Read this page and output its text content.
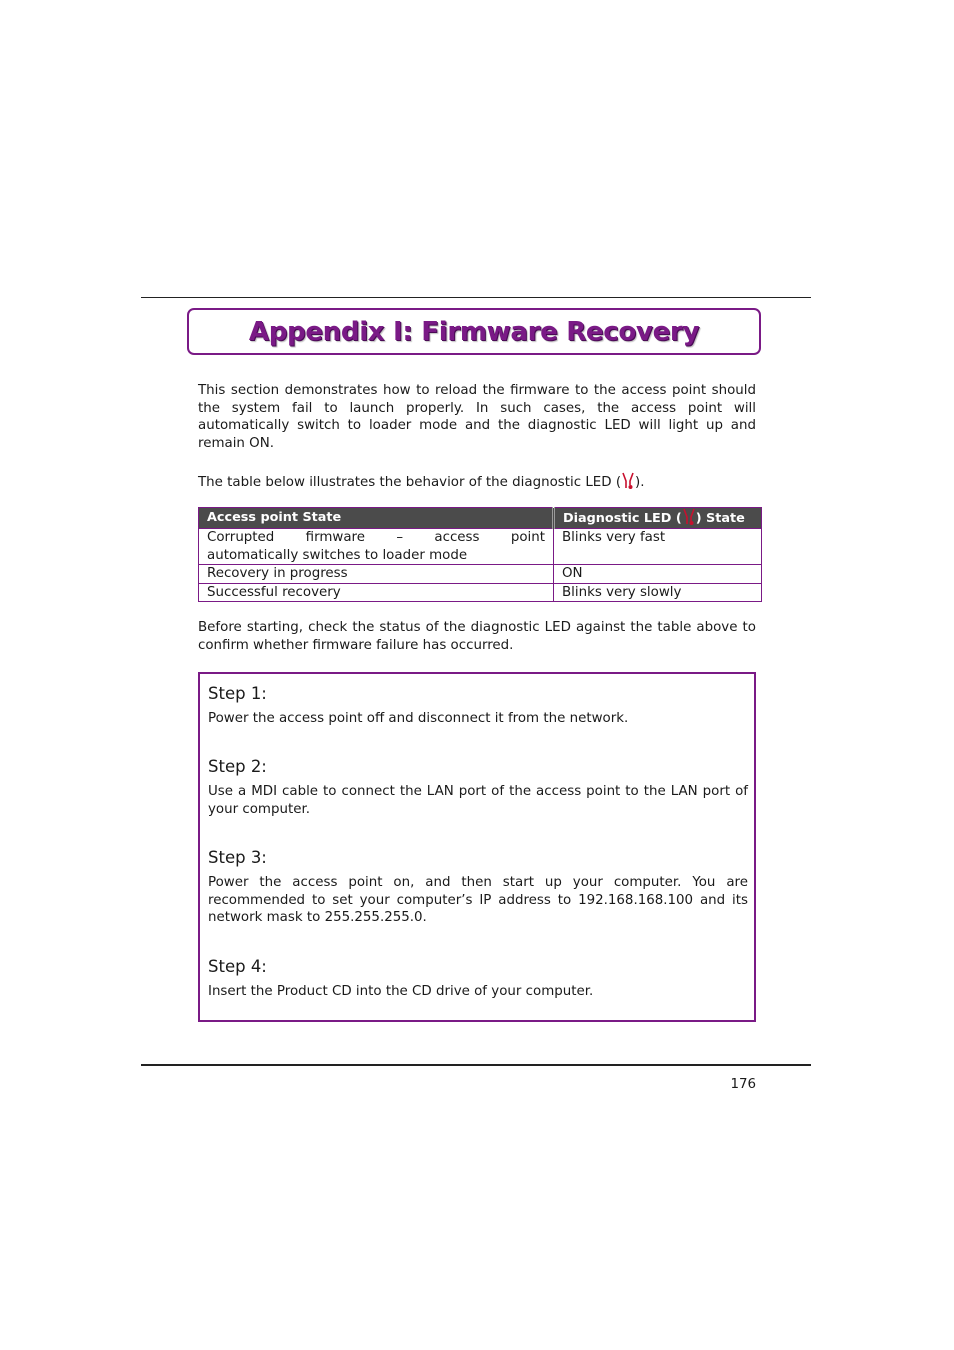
Appendix I: Firmware Recovery

This section demonstrates how to reload the firmware to the access point should the system fail to launch properly. In such cases, the access point will automatically switch to loader mode and the diagnostic LED will light up and remain ON.

The table below illustrates the behavior of the diagnostic LED ( ).

Access point State	Diagnostic LED ( ) State

Corrupted firmware – access point
automatically switches to loader mode	Blinks very fast
Recovery in progress	ON
Successful recovery	Blinks very slowly

Before starting, check the status of the diagnostic LED against the table above to confirm whether firmware failure has occurred.

Step 1:

Power the access point off and disconnect it from the network.

Step 2:

Use a MDI cable to connect the LAN port of the access point to the LAN port of your computer.

Step 3:

Power the access point on, and then start up your computer. You are recommended to set your computer’s IP address to 192.168.168.100 and its network mask to 255.255.255.0.

Step 4:

Insert the Product CD into the CD drive of your computer.

176
